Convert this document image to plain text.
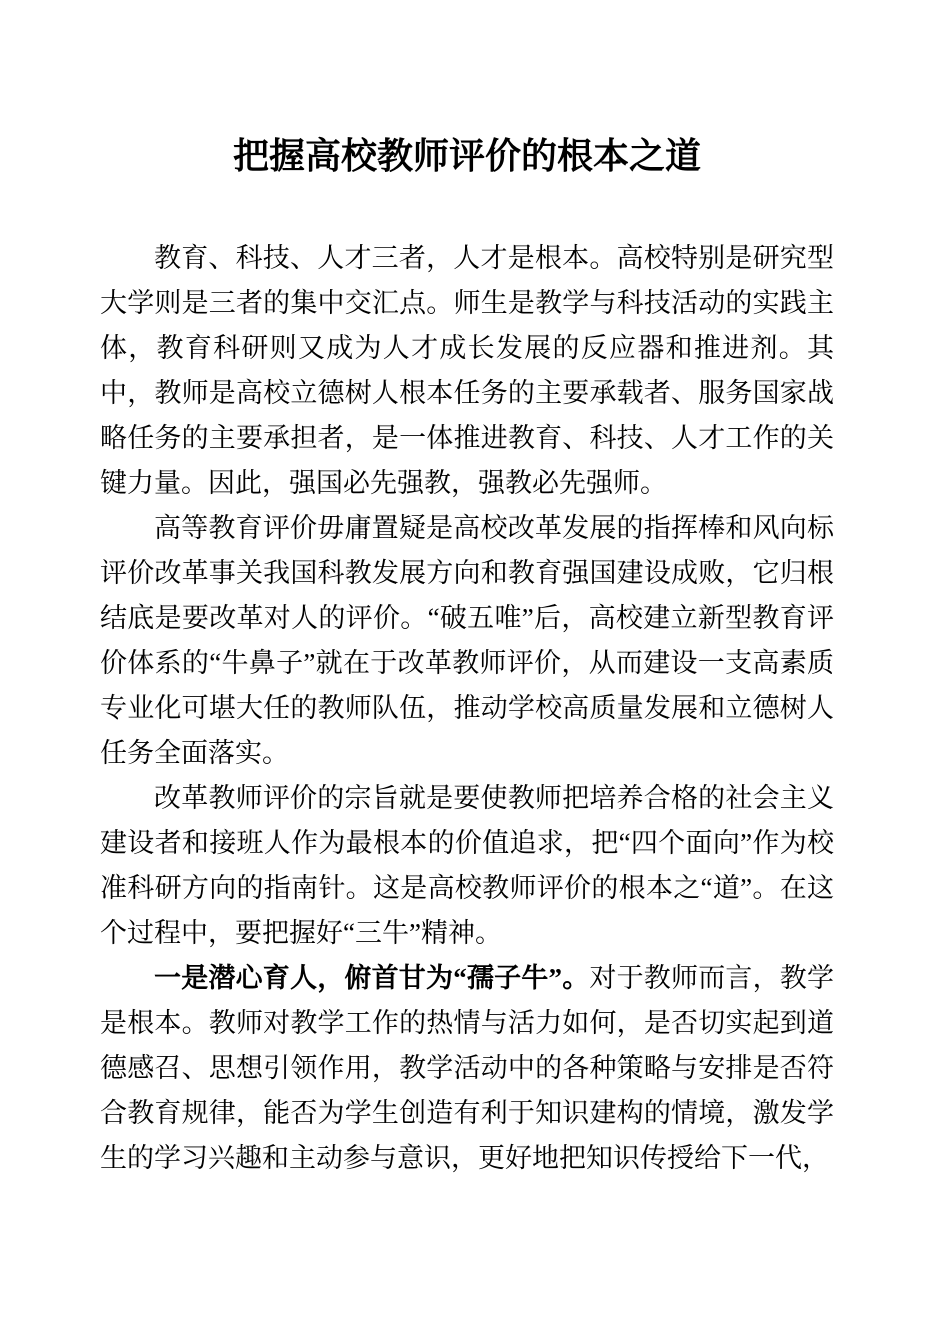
把握高校教师评价的根本之道

教育、科技、人才三者，人才是根本。高校特别是研究型大学则是三者的集中交汇点。师生是教学与科技活动的实践主体，教育科研则又成为人才成长发展的反应器和推进剂。其中，教师是高校立德树人根本任务的主要承载者、服务国家战略任务的主要承担者，是一体推进教育、科技、人才工作的关键力量。因此，强国必先强教，强教必先强师。

高等教育评价毋庸置疑是高校改革发展的指挥棒和风向标评价改革事关我国科教发展方向和教育强国建设成败，它归根结底是要改革对人的评价。“破五唯”后，高校建立新型教育评价体系的“牛鼻子”就在于改革教师评价，从而建设一支高素质专业化可堪大任的教师队伍，推动学校高质量发展和立德树人任务全面落实。

改革教师评价的宗旨就是要使教师把培养合格的社会主义建设者和接班人作为最根本的价值追求，把“四个面向”作为校准科研方向的指南针。这是高校教师评价的根本之“道”。在这个过程中，要把握好“三牛”精神。

一是潜心育人，俯首甘为“孺子牛”。对于教师而言，教学是根本。教师对教学工作的热情与活力如何，是否切实起到道德感召、思想引领作用，教学活动中的各种策略与安排是否符合教育规律，能否为学生创造有利于知识建构的情境，激发学生的学习兴趣和主动参与意识，更好地把知识传授给下一代，
